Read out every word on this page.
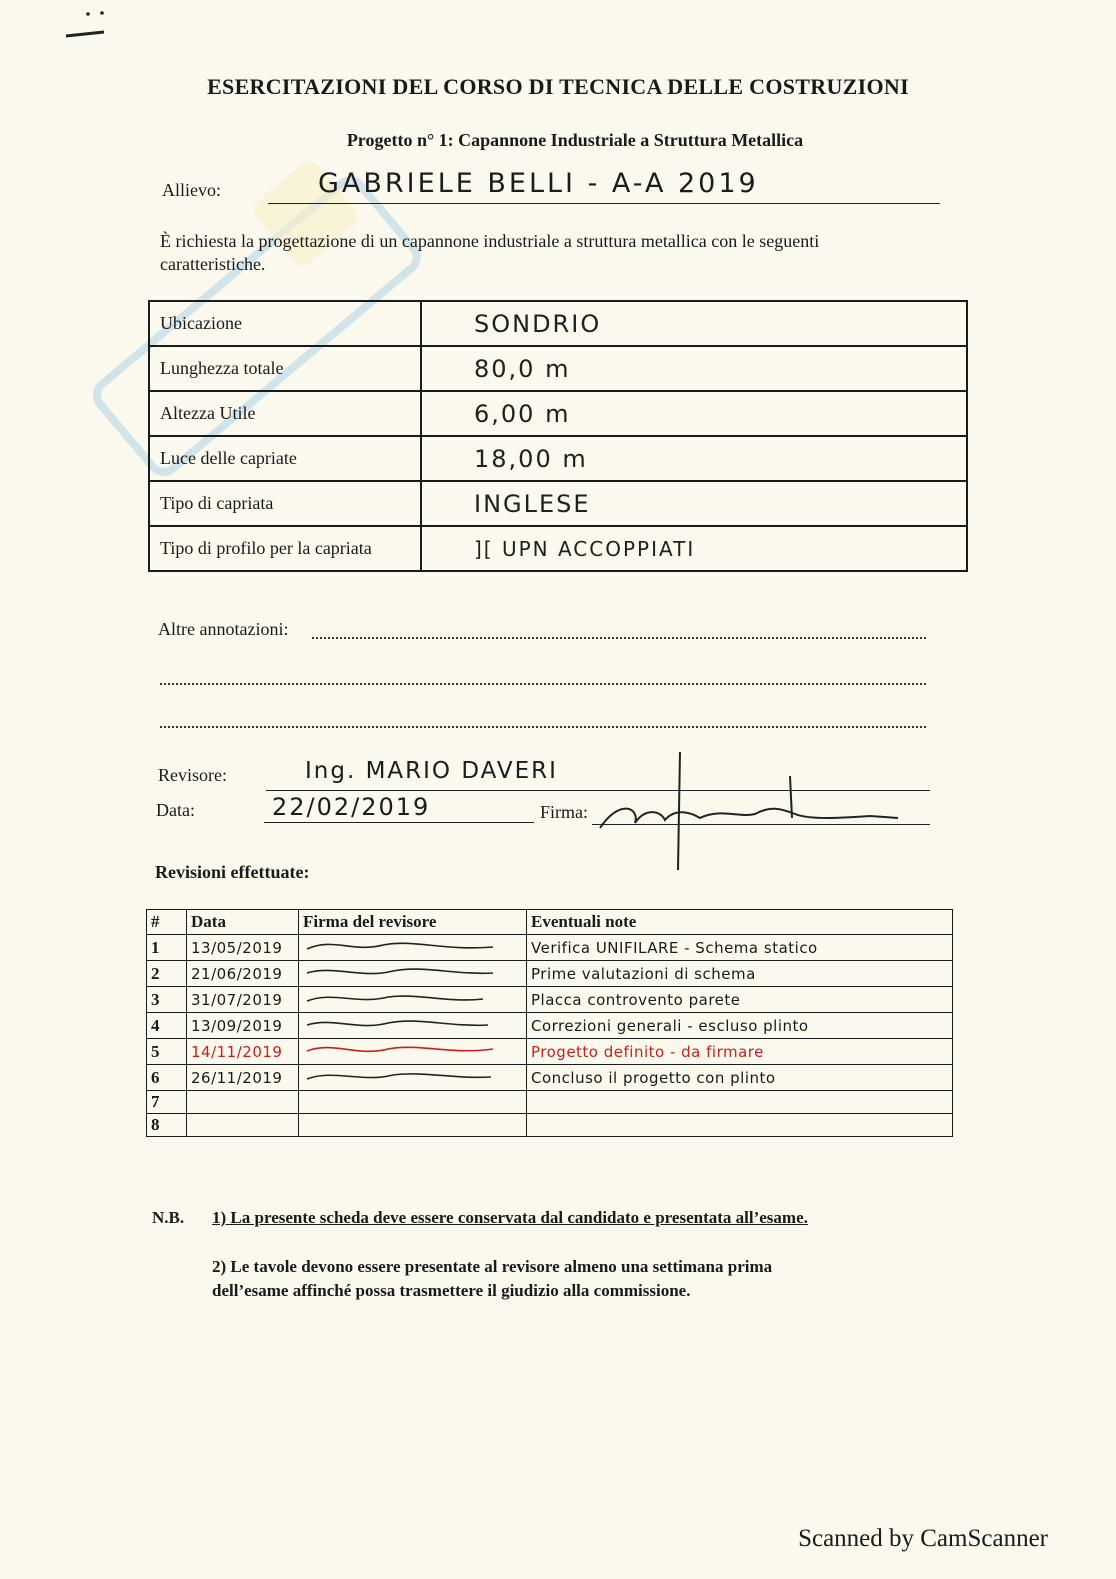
ESERCITAZIONI DEL CORSO DI TECNICA DELLE COSTRUZIONI
Progetto n° 1: Capannone Industriale a Struttura Metallica
Allievo:	GABRIELE BELLI - A-A 2019
È richiesta la progettazione di un capannone industriale a struttura metallica con le seguenti
caratteristiche.
Ubicazione	SONDRIO
Lunghezza totale	80,0 m
Altezza Utile	6,00 m
Luce delle capriate	18,00 m
Tipo di capriata	INGLESE
Tipo di profilo per la capriata	][ UPN ACCOPPIATI
Altre annotazioni:
Revisore:	Ing. MARIO DAVERI
Data:	22/02/2019	Firma:
Revisioni effettuate:
#	Data	Firma del revisore	Eventuali note
1	13/05/2019		Verifica UNIFILARE - Schema statico
2	21/06/2019		Prime valutazioni di schema
3	31/07/2019		Placca controvento parete
4	13/09/2019		Correzioni generali - escluso plinto
5	14/11/2019		Progetto definito - da firmare
6	26/11/2019		Concluso il progetto con plinto
7			
8			
N.B. 1) La presente scheda deve essere conservata dal candidato e presentata all’esame.
2) Le tavole devono essere presentate al revisore almeno una settimana prima
dell’esame affinché possa trasmettere il giudizio alla commissione.
Scanned by CamScanner
